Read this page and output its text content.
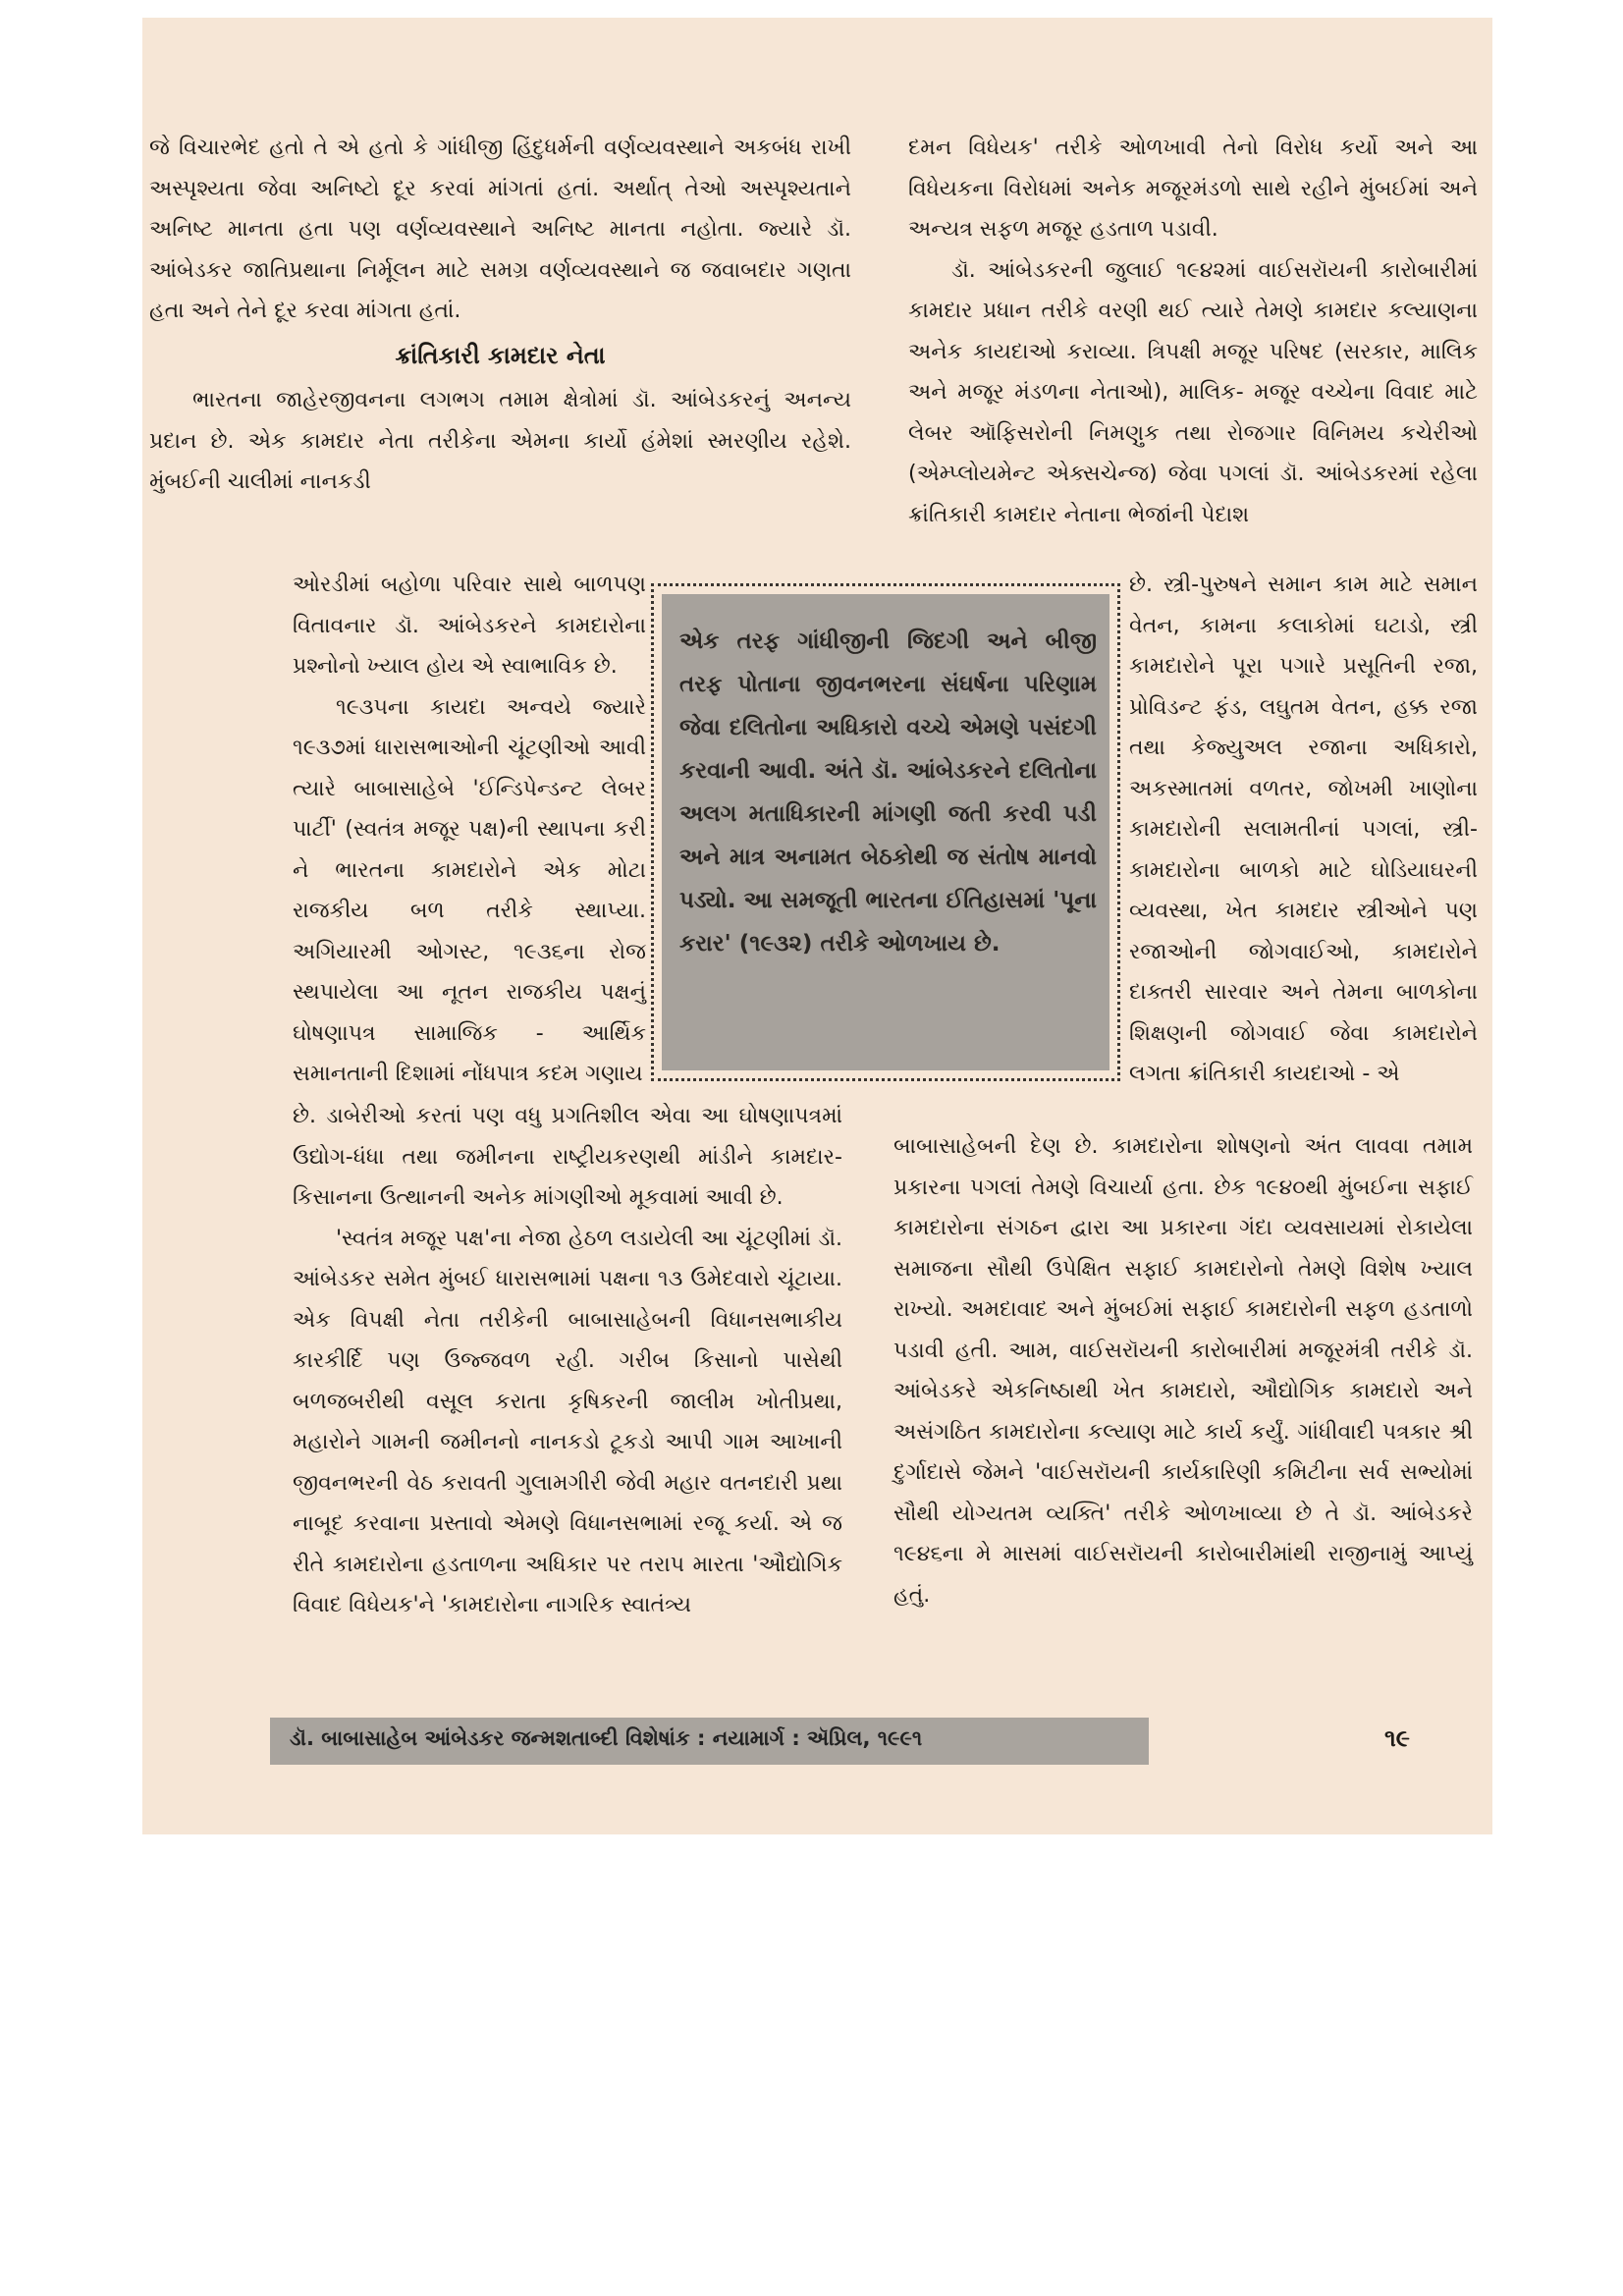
જે વિચારભેદ હતો તે એ હતો કે ગાંધીજી હિંદુધર્મની વર્ણવ્યવસ્થાને અકબંધ રાખી અસ્પૃશ્યતા જેવા અનિષ્ટો દૂર કરવાં માંગતાં હતાં. અર્થાત્ તેઓ અસ્પૃશ્યતાને અનિષ્ટ માનતા હતા પણ વર્ણવ્યવસ્થાને અનિષ્ટ માનતા નહોતા. જ્યારે ડૉ. આંબેડકર જાતિપ્રથાના નિર્મૂલન માટે સમગ્ર વર્ણવ્યવસ્થાને જ જવાબદાર ગણતા હતા અને તેને દૂર કરવા માંગતા હતાં.

ક્રાંતિકારી કામદાર નેતા

ભારતના જાહેરજીવનના લગભગ તમામ ક્ષેત્રોમાં ડૉ. આંબેડકરનું અનન્ય પ્રદાન છે. એક કામદાર નેતા તરીકેના એમના કાર્યો હંમેશાં સ્મરણીય રહેશે. મુંબઈની ચાલીમાં નાનકડી

ઓરડીમાં બહોળા પરિવાર સાથે બાળપણ વિતાવનાર ડૉ. આંબેડકરને કામદારોના પ્રશ્નોનો ખ્યાલ હોય એ સ્વાભાવિક છે.

૧૯૩૫ના કાયદા અન્વયે જ્યારે ૧૯૩૭માં ધારાસભાઓની ચૂંટણીઓ આવી ત્યારે બાબાસાહેબે 'ઈન્ડિપેન્ડન્ટ લેબર પાર્ટી' (સ્વતંત્ર મજૂર પક્ષ)ની સ્થાપના કરી ને ભારતના કામદારોને એક મોટા રાજકીય બળ તરીકે સ્થાપ્યા. અગિયારમી ઓગસ્ટ, ૧૯૩૬ના રોજ સ્થપાયેલા આ નૂતન રાજકીય પક્ષનું ઘોષણાપત્ર સામાજિક - આર્થિક સમાનતાની દિશામાં નોંધપાત્ર કદમ ગણાય

છે. ડાબેરીઓ કરતાં પણ વધુ પ્રગતિશીલ એવા આ ઘોષણાપત્રમાં ઉદ્યોગ-ધંધા તથા જમીનના રાષ્ટ્રીયકરણથી માંડીને કામદાર-કિસાનના ઉત્થાનની અનેક માંગણીઓ મૂકવામાં આવી છે.

'સ્વતંત્ર મજૂર પક્ષ'ના નેજા હેઠળ લડાયેલી આ ચૂંટણીમાં ડૉ. આંબેડકર સમેત મુંબઈ ધારાસભામાં પક્ષના ૧૩ ઉમેદવારો ચૂંટાયા. એક વિપક્ષી નેતા તરીકેની બાબાસાહેબની વિધાનસભાકીય કારકીર્દિ પણ ઉજ્જવળ રહી. ગરીબ કિસાનો પાસેથી બળજબરીથી વસૂલ કરાતા કૃષિકરની જાલીમ ખોતીપ્રથા, મહારોને ગામની જમીનનો નાનકડો ટૂકડો આપી ગામ આખાની જીવનભરની વેઠ કરાવતી ગુલામગીરી જેવી મહાર વતનદારી પ્રથા નાબૂદ કરવાના પ્રસ્તાવો એમણે વિધાનસભામાં રજૂ કર્યા. એ જ રીતે કામદારોના હડતાળના અધિકાર પર તરાપ મારતા 'ઔદ્યોગિક વિવાદ વિધેયક'ને 'કામદારોના નાગરિક સ્વાતંત્ર્ય

દમન વિધેયક' તરીકે ઓળખાવી તેનો વિરોધ કર્યો અને આ વિધેયકના વિરોધમાં અનેક મજૂરમંડળો સાથે રહીને મુંબઈમાં અને અન્યત્ર સફળ મજૂર હડતાળ પડાવી.

ડૉ. આંબેડકરની જુલાઈ ૧૯૪૨માં વાઈસરૉયની કારોબારીમાં કામદાર પ્રધાન તરીકે વરણી થઈ ત્યારે તેમણે કામદાર કલ્યાણના અનેક કાયદાઓ કરાવ્યા. ત્રિપક્ષી મજૂર પરિષદ (સરકાર, માલિક અને મજૂર મંડળના નેતાઓ), માલિક- મજૂર વચ્ચેના વિવાદ માટે લેબર ઑફિસરોની નિમણુક તથા રોજગાર વિનિમય કચેરીઓ (એમ્પ્લોયમેન્ટ એક્સચેન્જ) જેવા પગલાં ડૉ. આંબેડકરમાં રહેલા ક્રાંતિકારી કામદાર નેતાના ભેજાંની પેદાશ

છે. સ્ત્રી-પુરુષને સમાન કામ માટે સમાન વેતન, કામના કલાકોમાં ઘટાડો, સ્ત્રી કામદારોને પૂરા પગારે પ્રસૂતિની રજા, પ્રોવિડન્ટ ફંડ, લઘુતમ વેતન, હક્ક રજા તથા કેજ્યુઅલ રજાના અધિકારો, અકસ્માતમાં વળતર, જોખમી ખાણોના કામદારોની સલામતીનાં પગલાં, સ્ત્રી-કામદારોના બાળકો માટે ઘોડિયાઘરની વ્યવસ્થા, ખેત કામદાર સ્ત્રીઓને પણ રજાઓની જોગવાઈઓ, કામદારોને દાક્તરી સારવાર અને તેમના બાળકોના શિક્ષણની જોગવાઈ જેવા કામદારોને લગતા ક્રાંતિકારી કાયદાઓ - એ

બાબાસાહેબની દેણ છે. કામદારોના શોષણનો અંત લાવવા તમામ પ્રકારના પગલાં તેમણે વિચાર્યા હતા. છેક ૧૯૪૦થી મુંબઈના સફાઈ કામદારોના સંગઠન દ્વારા આ પ્રકારના ગંદા વ્યવસાયમાં રોકાયેલા સમાજના સૌથી ઉપેક્ષિત સફાઈ કામદારોનો તેમણે વિશેષ ખ્યાલ રાખ્યો. અમદાવાદ અને મુંબઈમાં સફાઈ કામદારોની સફળ હડતાળો પડાવી હતી. આમ, વાઈસરૉયની કારોબારીમાં મજૂરમંત્રી તરીકે ડૉ. આંબેડકરે એકનિષ્ઠાથી ખેત કામદારો, ઔદ્યોગિક કામદારો અને અસંગઠિત કામદારોના કલ્યાણ માટે કાર્ય કર્યું. ગાંધીવાદી પત્રકાર શ્રી દુર્ગાદાસે જેમને 'વાઈસરૉયની કાર્યકારિણી કમિટીના સર્વ સભ્યોમાં સૌથી યોગ્યતમ વ્યક્તિ' તરીકે ઓળખાવ્યા છે તે ડૉ. આંબેડકરે ૧૯૪૬ના મે માસમાં વાઈસરૉયની કારોબારીમાંથી રાજીનામું આપ્યું હતું.

એક તરફ ગાંધીજીની જિદગી અને બીજી તરફ પોતાના જીવનભરના સંઘર્ષના પરિણામ જેવા દલિતોના અધિકારો વચ્ચે એમણે પસંદગી કરવાની આવી. અંતે ડૉ. આંબેડકરને દલિતોના અલગ મતાધિકારની માંગણી જતી કરવી પડી અને માત્ર અનામત બેઠકોથી જ સંતોષ માનવો પડ્યો. આ સમજૂતી ભારતના ઈતિહાસમાં 'પૂના કરાર' (૧૯૩૨) તરીકે ઓળખાય છે.
ડૉ. બાબાસાહેબ આંબેડકર જન્મશતાબ્દી વિશેષાંક : નયામાર્ગ : ઍપ્રિલ, ૧૯૯૧	૧૯
